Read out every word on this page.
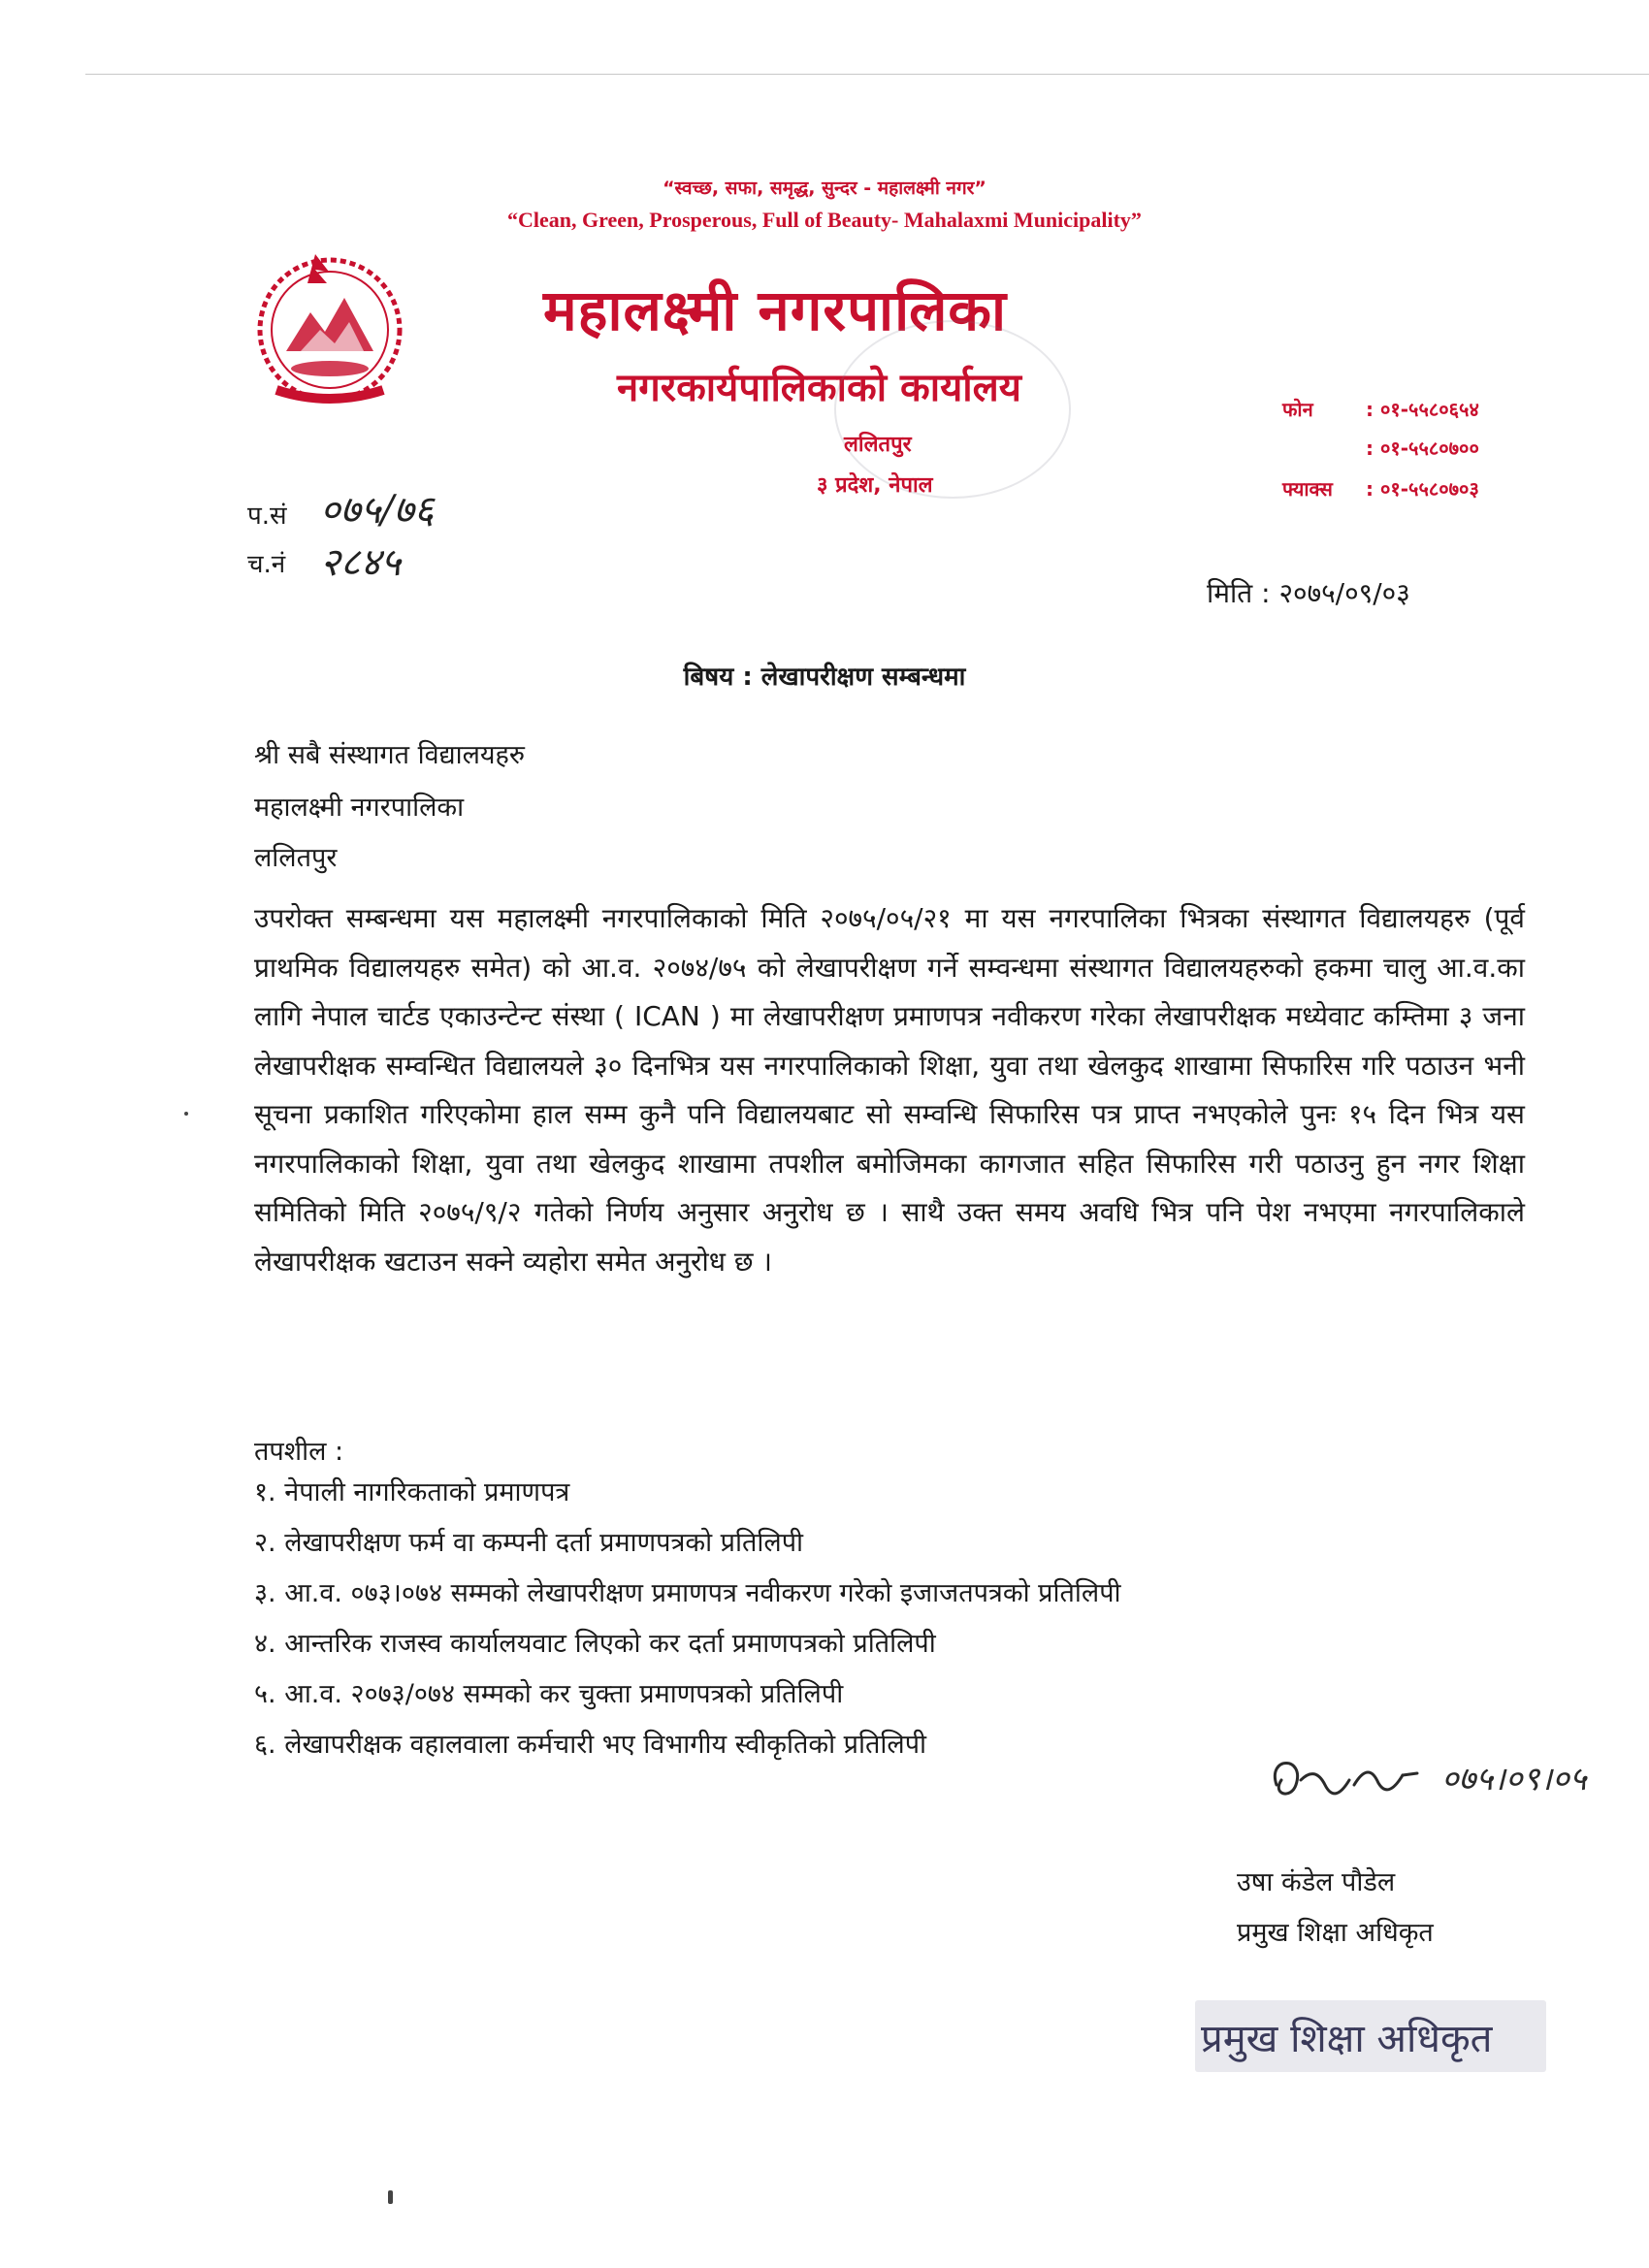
“स्वच्छ, सफा, समृद्ध, सुन्दर - महालक्ष्मी नगर”
“Clean, Green, Prosperous, Full of Beauty- Mahalaxmi Municipality”
महालक्ष्मी नगरपालिका
नगरकार्यपालिकाको कार्यालय
ललितपुर
३ प्रदेश, नेपाल
फोन	: ०१-५५८०६५४
: ०१-५५८०७००
फ्याक्स : ०१-५५८०७०३
प.सं ०७५/७६
च.नं २८४५
मिति : २०७५/०९/०३
बिषय : लेखापरीक्षण सम्बन्धमा
श्री सबै संस्थागत विद्यालयहरु
महालक्ष्मी नगरपालिका
ललितपुर
उपरोक्त सम्बन्धमा यस महालक्ष्मी नगरपालिकाको मिति २०७५/०५/२१ मा यस नगरपालिका भित्रका संस्थागत विद्यालयहरु (पूर्व प्राथमिक विद्यालयहरु समेत) को आ.व. २०७४/७५ को लेखापरीक्षण गर्ने सम्वन्धमा संस्थागत विद्यालयहरुको हकमा चालु आ.व.का लागि नेपाल चार्टड एकाउन्टेन्ट संस्था ( ICAN ) मा लेखापरीक्षण प्रमाणपत्र नवीकरण गरेका लेखापरीक्षक मध्येवाट कम्तिमा ३ जना लेखापरीक्षक सम्वन्धित विद्यालयले ३० दिनभित्र यस नगरपालिकाको शिक्षा, युवा तथा खेलकुद शाखामा सिफारिस गरि पठाउन भनी सूचना प्रकाशित गरिएकोमा हाल सम्म कुनै पनि विद्यालयबाट सो सम्वन्धि सिफारिस पत्र प्राप्त नभएकोले पुनः १५ दिन भित्र यस नगरपालिकाको शिक्षा, युवा तथा खेलकुद शाखामा तपशील बमोजिमका कागजात सहित सिफारिस गरी पठाउनु हुन नगर शिक्षा समितिको मिति २०७५/९/२ गतेको निर्णय अनुसार अनुरोध छ । साथै उक्त समय अवधि भित्र पनि पेश नभएमा नगरपालिकाले लेखापरीक्षक खटाउन सक्ने व्यहोरा समेत अनुरोध छ ।
तपशील :
१. नेपाली नागरिकताको प्रमाणपत्र
२. लेखापरीक्षण फर्म वा कम्पनी दर्ता प्रमाणपत्रको प्रतिलिपी
३. आ.व. ०७३।०७४ सम्मको लेखापरीक्षण प्रमाणपत्र नवीकरण गरेको इजाजतपत्रको प्रतिलिपी
४. आन्तरिक राजस्व कार्यालयवाट लिएको कर दर्ता प्रमाणपत्रको प्रतिलिपी
५. आ.व. २०७३/०७४ सम्मको कर चुक्ता प्रमाणपत्रको प्रतिलिपी
६. लेखापरीक्षक वहालवाला कर्मचारी भए विभागीय स्वीकृतिको प्रतिलिपी
०७५।०९।०५
उषा कंडेल पौडेल
प्रमुख शिक्षा अधिकृत
प्रमुख शिक्षा अधिकृत
